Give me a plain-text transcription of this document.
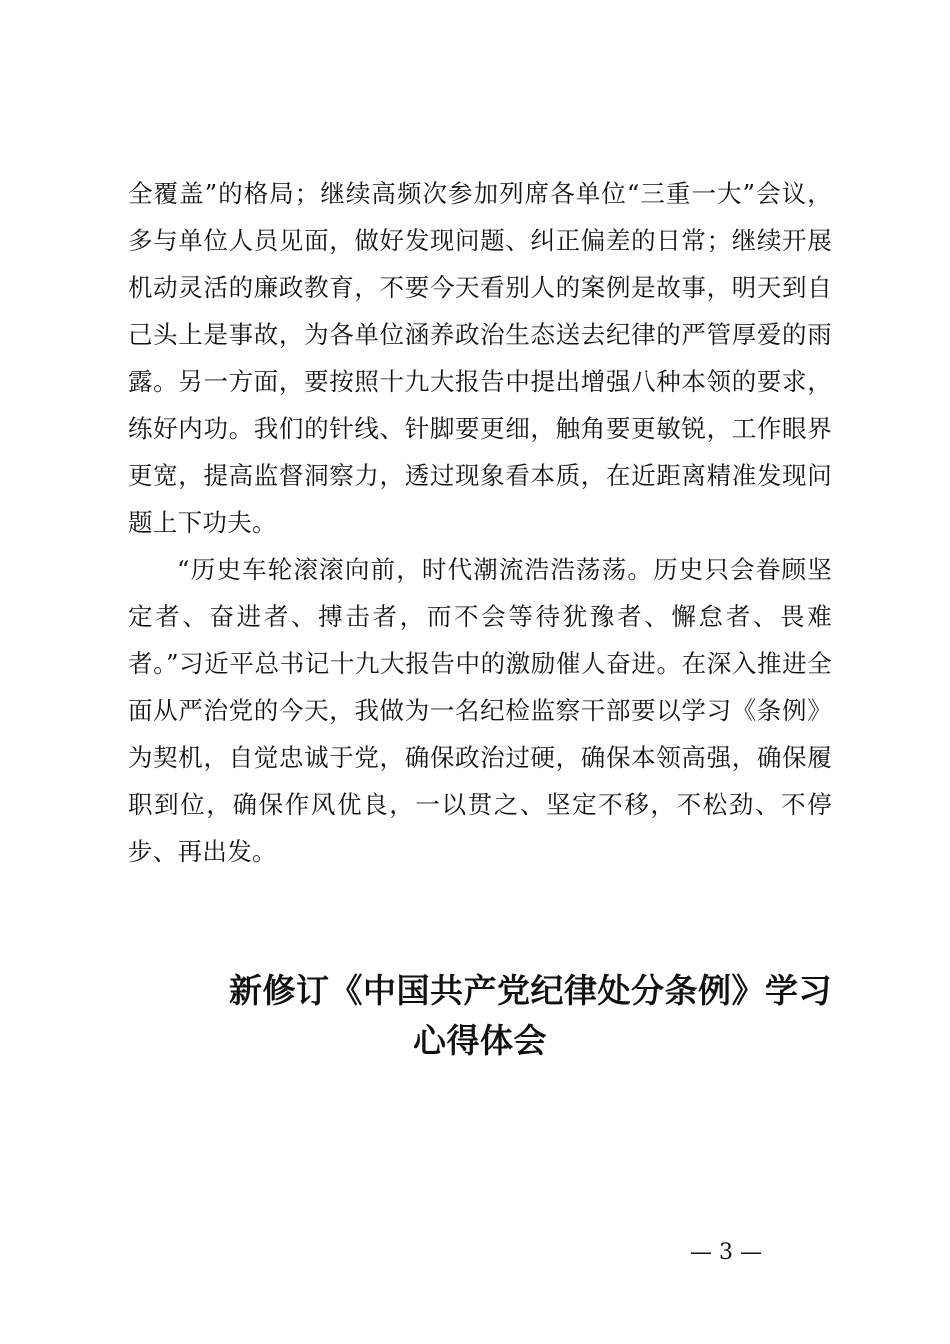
全覆盖”的格局；继续高频次参加列席各单位“三重一大”会议，多与单位人员见面，做好发现问题、纠正偏差的日常；继续开展机动灵活的廉政教育，不要今天看别人的案例是故事，明天到自己头上是事故，为各单位涵养政治生态送去纪律的严管厚爱的雨露。另一方面，要按照十九大报告中提出增强八种本领的要求，练好内功。我们的针线、针脚要更细，触角要更敏锐，工作眼界更宽，提高监督洞察力，透过现象看本质，在近距离精准发现问题上下功夫。

“历史车轮滚滚向前，时代潮流浩浩荡荡。历史只会眷顾坚定者、奋进者、搏击者，而不会等待犹豫者、懈怠者、畏难者。”习近平总书记十九大报告中的激励催人奋进。在深入推进全面从严治党的今天，我做为一名纪检监察干部要以学习《条例》为契机，自觉忠诚于党，确保政治过硬，确保本领高强，确保履职到位，确保作风优良，一以贯之、坚定不移，不松劲、不停步、再出发。

新修订《中国共产党纪律处分条例》学习
心得体会
— 3 —
